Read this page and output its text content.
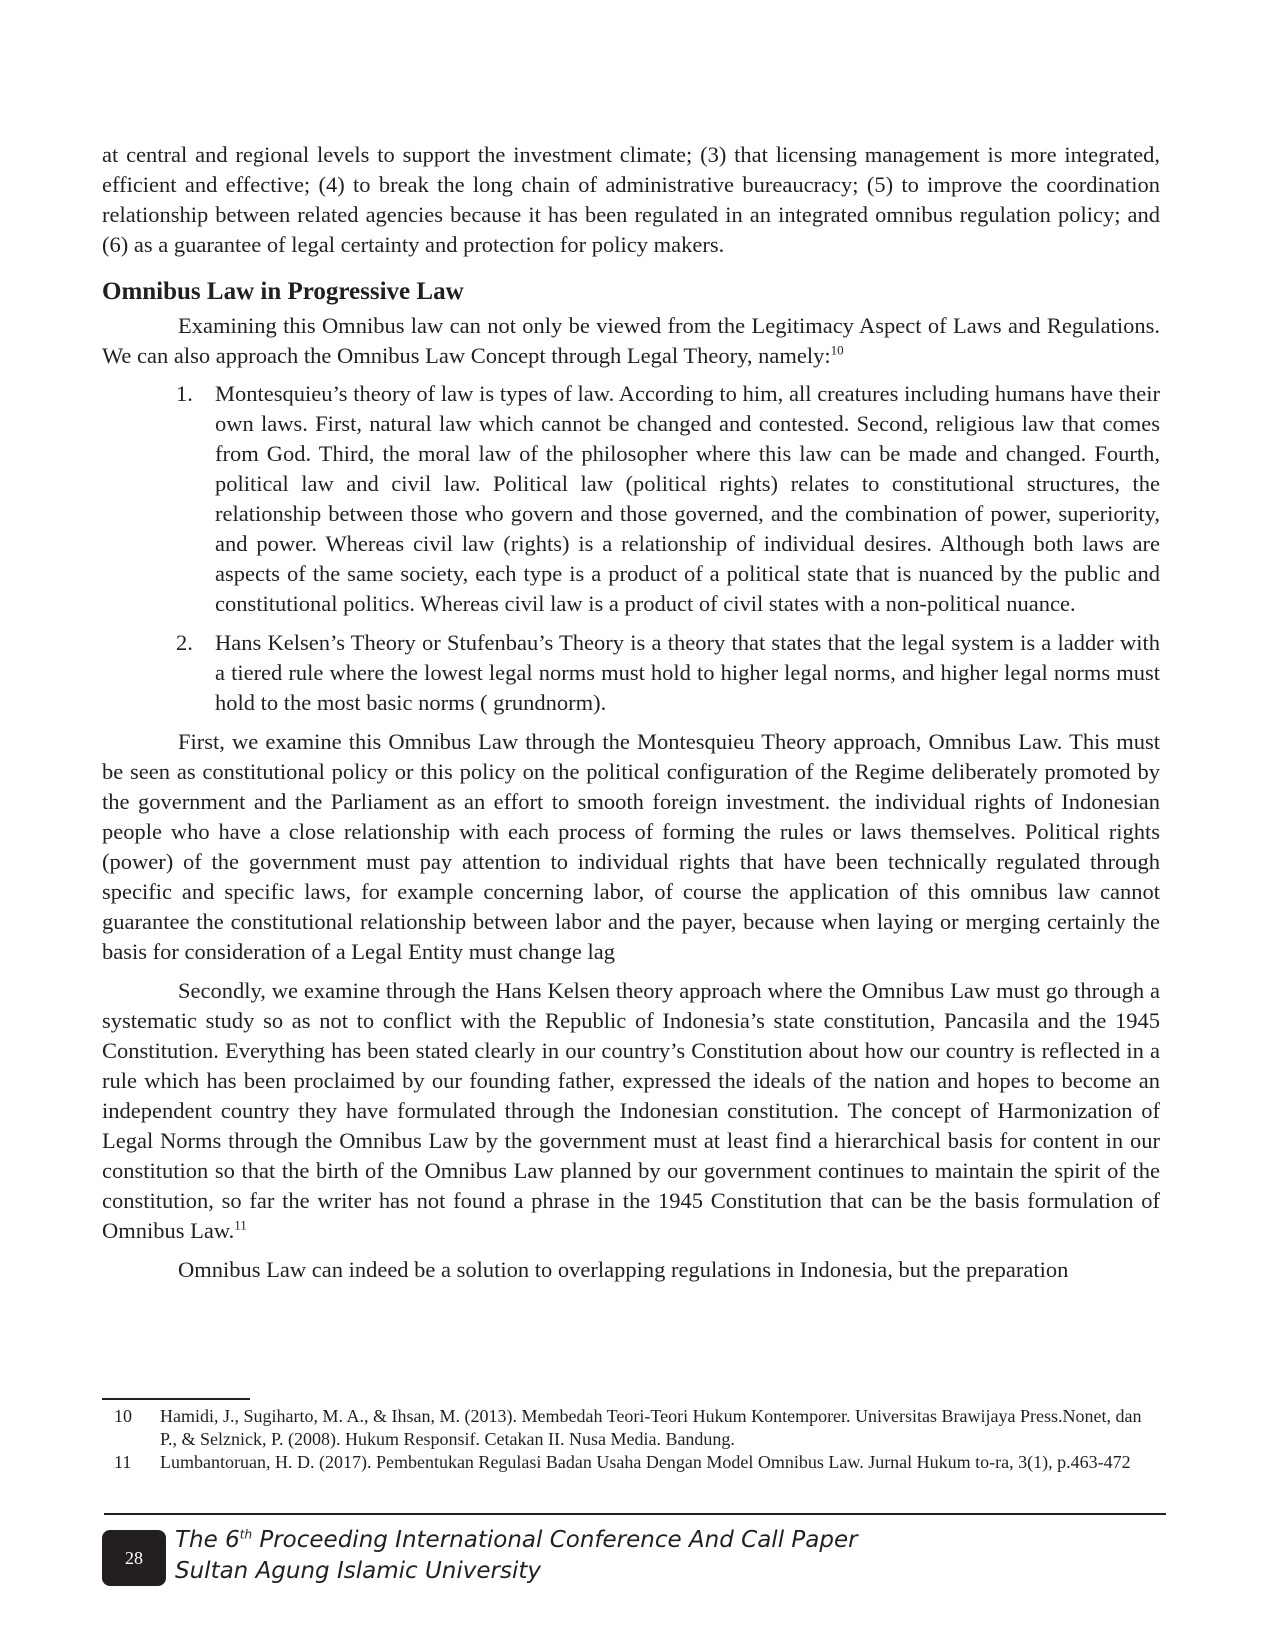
at central and regional levels to support the investment climate; (3) that licensing management is more integrated, efficient and effective; (4) to break the long chain of administrative bureaucracy; (5) to improve the coordination relationship between related agencies because it has been regulated in an integrated omnibus regulation policy; and (6) as a guarantee of legal certainty and protection for policy makers.

Omnibus Law in Progressive Law

Examining this Omnibus law can not only be viewed from the Legitimacy Aspect of Laws and Regulations. We can also approach the Omnibus Law Concept through Legal Theory, namely:$^{10}$

1. Montesquieu’s theory of law is types of law. According to him, all creatures including humans have their own laws. First, natural law which cannot be changed and contested. Second, religious law that comes from God. Third, the moral law of the philosopher where this law can be made and changed. Fourth, political law and civil law. Political law (political rights) relates to constitutional structures, the relationship between those who govern and those governed, and the combination of power, superiority, and power. Whereas civil law (rights) is a relationship of individual desires. Although both laws are aspects of the same society, each type is a product of a political state that is nuanced by the public and constitutional politics. Whereas civil law is a product of civil states with a non-political nuance.
2. Hans Kelsen’s Theory or Stufenbau’s Theory is a theory that states that the legal system is a ladder with a tiered rule where the lowest legal norms must hold to higher legal norms, and higher legal norms must hold to the most basic norms ( grundnorm).

First, we examine this Omnibus Law through the Montesquieu Theory approach, Omnibus Law. This must be seen as constitutional policy or this policy on the political configuration of the Regime deliberately promoted by the government and the Parliament as an effort to smooth foreign investment. the individual rights of Indonesian people who have a close relationship with each process of forming the rules or laws themselves. Political rights (power) of the government must pay attention to individual rights that have been technically regulated through specific and specific laws, for example concerning labor, of course the application of this omnibus law cannot guarantee the constitutional relationship between labor and the payer, because when laying or merging certainly the basis for consideration of a Legal Entity must change lag

Secondly, we examine through the Hans Kelsen theory approach where the Omnibus Law must go through a systematic study so as not to conflict with the Republic of Indonesia’s state constitution, Pancasila and the 1945 Constitution. Everything has been stated clearly in our country’s Constitution about how our country is reflected in a rule which has been proclaimed by our founding father, expressed the ideals of the nation and hopes to become an independent country they have formulated through the Indonesian constitution. The concept of Harmonization of Legal Norms through the Omnibus Law by the government must at least find a hierarchical basis for content in our constitution so that the birth of the Omnibus Law planned by our government continues to maintain the spirit of the constitution, so far the writer has not found a phrase in the 1945 Constitution that can be the basis formulation of Omnibus Law.$^{11}$

Omnibus Law can indeed be a solution to overlapping regulations in Indonesia, but the preparation

10 Hamidi, J., Sugiharto, M. A., & Ihsan, M. (2013). Membedah Teori-Teori Hukum Kontemporer. Universitas Brawijaya Press.Nonet, dan P., & Selznick, P. (2008). Hukum Responsif. Cetakan II. Nusa Media. Bandung.
11 Lumbantoruan, H. D. (2017). Pembentukan Regulasi Badan Usaha Dengan Model Omnibus Law. Jurnal Hukum to-ra, 3(1), p.463-472
28
The 6th Proceeding International Conference And Call Paper
Sultan Agung Islamic University
